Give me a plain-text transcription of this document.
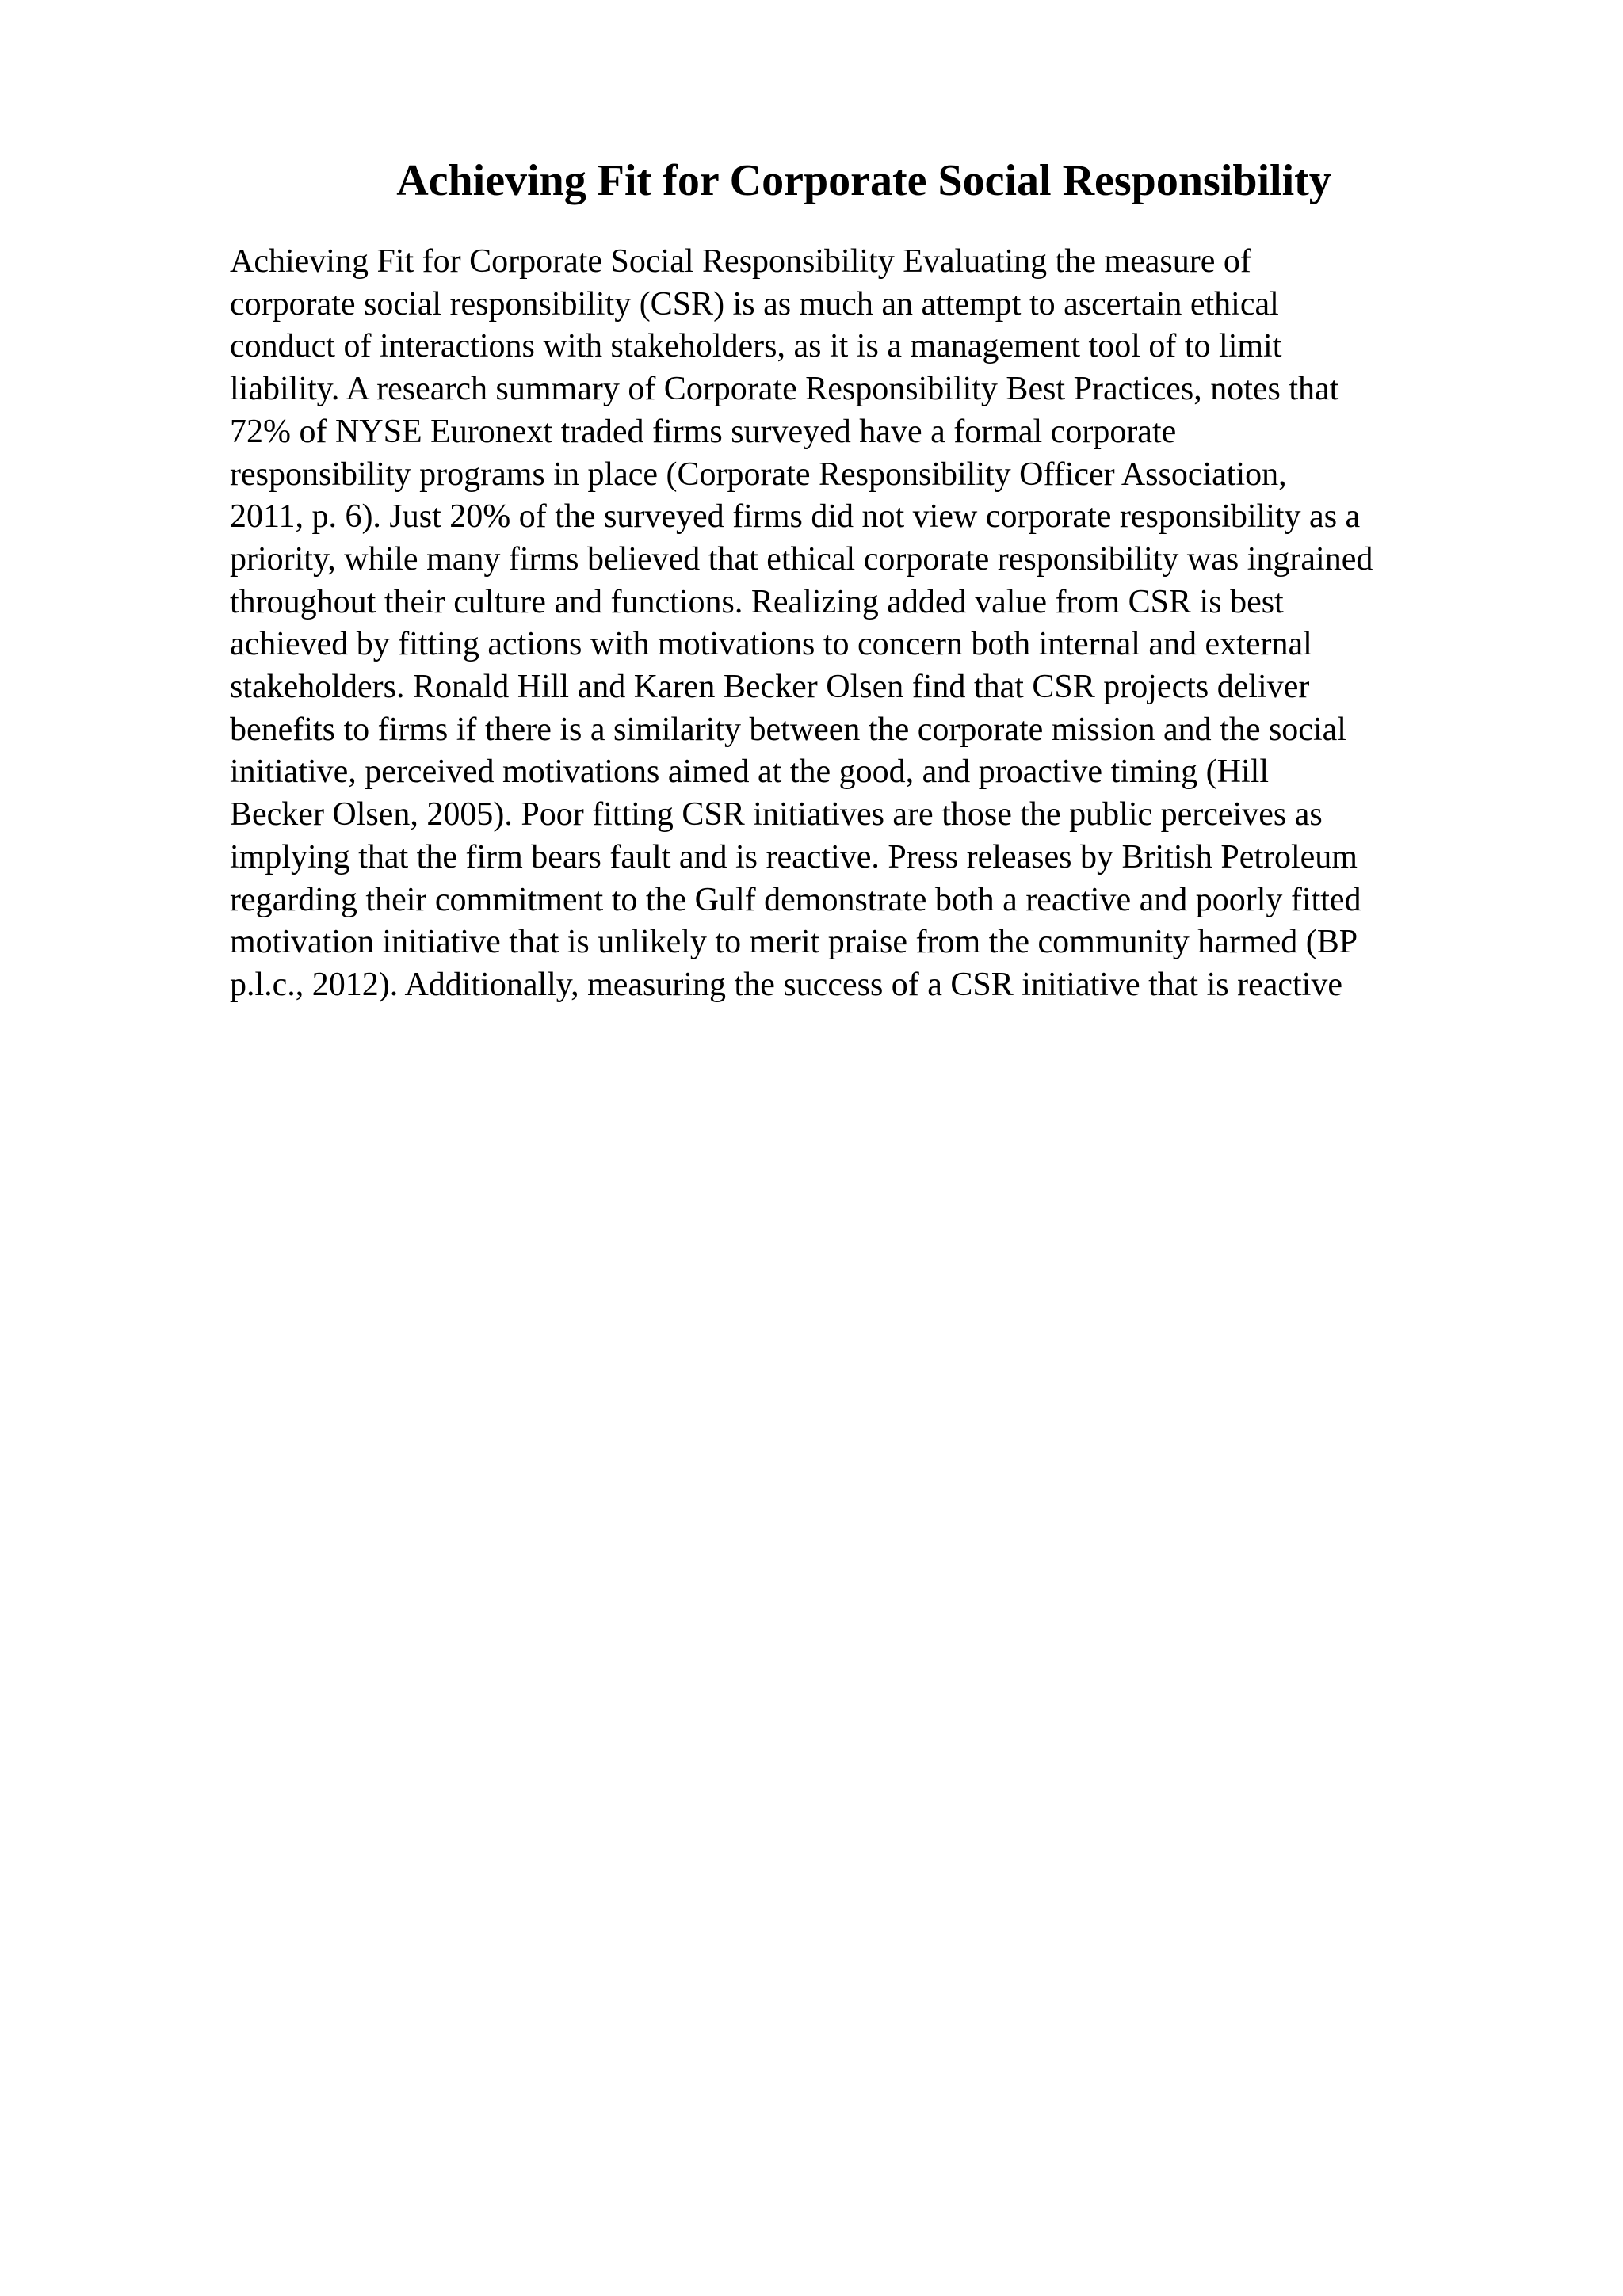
Achieving Fit for Corporate Social Responsibility
Achieving Fit for Corporate Social Responsibility Evaluating the measure of
corporate social responsibility (CSR) is as much an attempt to ascertain ethical
conduct of interactions with stakeholders, as it is a management tool of to limit
liability. A research summary of Corporate Responsibility Best Practices, notes that
72% of NYSE Euronext traded firms surveyed have a formal corporate
responsibility programs in place (Corporate Responsibility Officer Association,
2011, p. 6). Just 20% of the surveyed firms did not view corporate responsibility as a
priority, while many firms believed that ethical corporate responsibility was ingrained
throughout their culture and functions. Realizing added value from CSR is best
achieved by fitting actions with motivations to concern both internal and external
stakeholders. Ronald Hill and Karen Becker Olsen find that CSR projects deliver
benefits to firms if there is a similarity between the corporate mission and the social
initiative, perceived motivations aimed at the good, and proactive timing (Hill
Becker Olsen, 2005). Poor fitting CSR initiatives are those the public perceives as
implying that the firm bears fault and is reactive. Press releases by British Petroleum
regarding their commitment to the Gulf demonstrate both a reactive and poorly fitted
motivation initiative that is unlikely to merit praise from the community harmed (BP
p.l.c., 2012). Additionally, measuring the success of a CSR initiative that is reactive
